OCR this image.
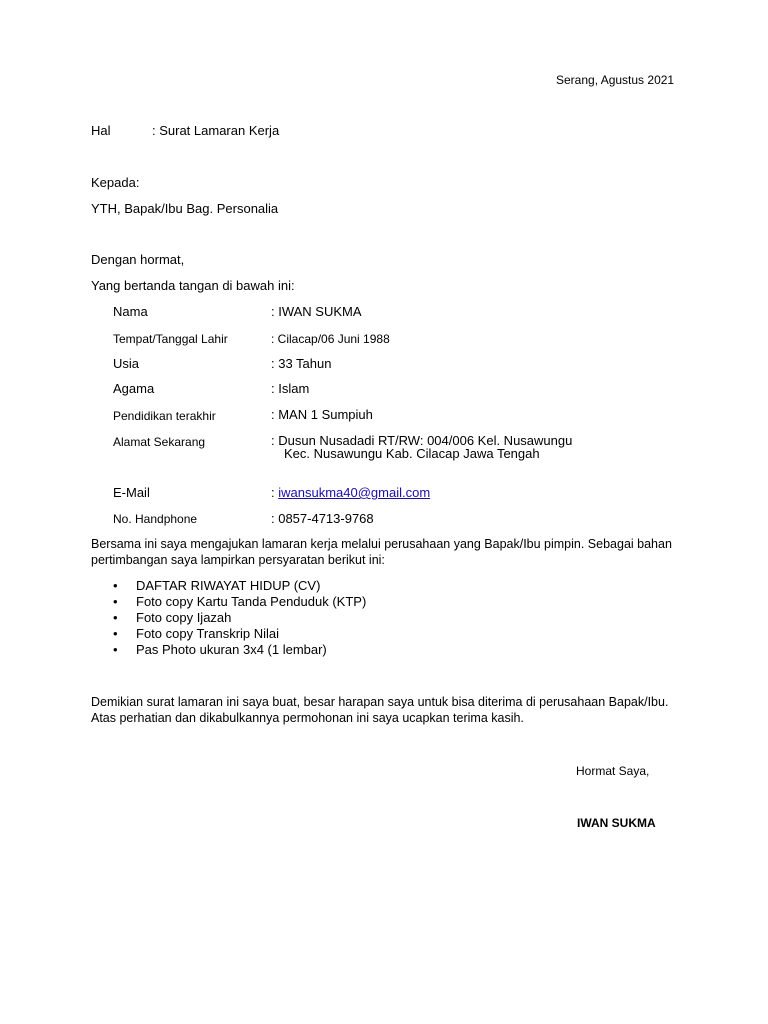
Serang, Agustus 2021
Hal	: Surat Lamaran Kerja
Kepada:
YTH, Bapak/Ibu Bag. Personalia
Dengan hormat,
Yang bertanda tangan di bawah ini:
Nama	: IWAN SUKMA
Tempat/Tanggal Lahir	: Cilacap/06 Juni 1988
Usia	: 33 Tahun
Agama	: Islam
Pendidikan terakhir	: MAN 1 Sumpiuh
Alamat Sekarang	: Dusun Nusadadi RT/RW: 004/006 Kel. Nusawungu
Kec. Nusawungu Kab. Cilacap Jawa Tengah
E-Mail	: iwansukma40@gmail.com
No. Handphone	: 0857-4713-9768
Bersama ini saya mengajukan lamaran kerja melalui perusahaan yang Bapak/Ibu pimpin. Sebagai bahan pertimbangan saya lampirkan persyaratan berikut ini:
• DAFTAR RIWAYAT HIDUP (CV)
• Foto copy Kartu Tanda Penduduk (KTP)
• Foto copy Ijazah
• Foto copy Transkrip Nilai
• Pas Photo ukuran 3x4 (1 lembar)
Demikian surat lamaran ini saya buat, besar harapan saya untuk bisa diterima di perusahaan Bapak/Ibu. Atas perhatian dan dikabulkannya permohonan ini saya ucapkan terima kasih.
Hormat Saya,
IWAN SUKMA
